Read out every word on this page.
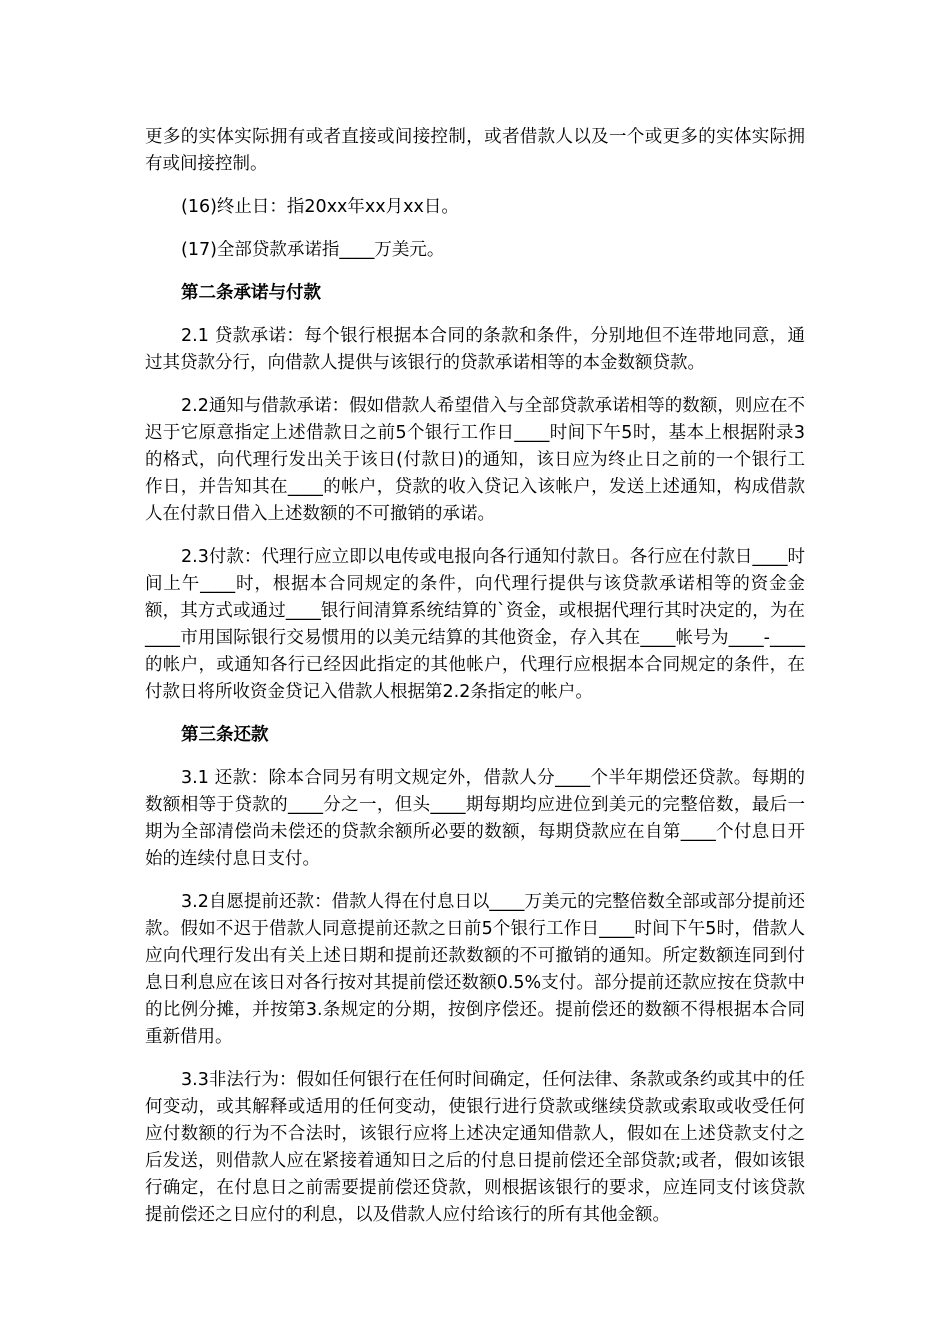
更多的实体实际拥有或者直接或间接控制，或者借款人以及一个或更多的实体实际拥有或间接控制。

(16)终止日：指20xx年xx月xx日。

(17)全部贷款承诺指____万美元。

第二条承诺与付款

2.1 贷款承诺：每个银行根据本合同的条款和条件，分别地但不连带地同意，通过其贷款分行，向借款人提供与该银行的贷款承诺相等的本金数额贷款。

2.2通知与借款承诺：假如借款人希望借入与全部贷款承诺相等的数额，则应在不迟于它原意指定上述借款日之前5个银行工作日____时间下午5时，基本上根据附录3的格式，向代理行发出关于该日(付款日)的通知，该日应为终止日之前的一个银行工作日，并告知其在____的帐户，贷款的收入贷记入该帐户，发送上述通知，构成借款人在付款日借入上述数额的不可撤销的承诺。

2.3付款：代理行应立即以电传或电报向各行通知付款日。各行应在付款日____时间上午____时，根据本合同规定的条件，向代理行提供与该贷款承诺相等的资金金额，其方式或通过____银行间清算系统结算的`资金，或根据代理行其时决定的，为在____市用国际银行交易惯用的以美元结算的其他资金，存入其在____帐号为____-____的帐户，或通知各行已经因此指定的其他帐户，代理行应根据本合同规定的条件，在付款日将所收资金贷记入借款人根据第2.2条指定的帐户。

第三条还款

3.1 还款：除本合同另有明文规定外，借款人分____个半年期偿还贷款。每期的数额相等于贷款的____分之一，但头____期每期均应进位到美元的完整倍数，最后一期为全部清偿尚未偿还的贷款余额所必要的数额，每期贷款应在自第____个付息日开始的连续付息日支付。

3.2自愿提前还款：借款人得在付息日以____万美元的完整倍数全部或部分提前还款。假如不迟于借款人同意提前还款之日前5个银行工作日____时间下午5时，借款人应向代理行发出有关上述日期和提前还款数额的不可撤销的通知。所定数额连同到付息日利息应在该日对各行按对其提前偿还数额0.5%支付。部分提前还款应按在贷款中的比例分摊，并按第3.条规定的分期，按倒序偿还。提前偿还的数额不得根据本合同重新借用。

3.3非法行为：假如任何银行在任何时间确定，任何法律、条款或条约或其中的任何变动，或其解释或适用的任何变动，使银行进行贷款或继续贷款或索取或收受任何应付数额的行为不合法时，该银行应将上述决定通知借款人，假如在上述贷款支付之后发送，则借款人应在紧接着通知日之后的付息日提前偿还全部贷款;或者，假如该银行确定，在付息日之前需要提前偿还贷款，则根据该银行的要求，应连同支付该贷款提前偿还之日应付的利息，以及借款人应付给该行的所有其他金额。
